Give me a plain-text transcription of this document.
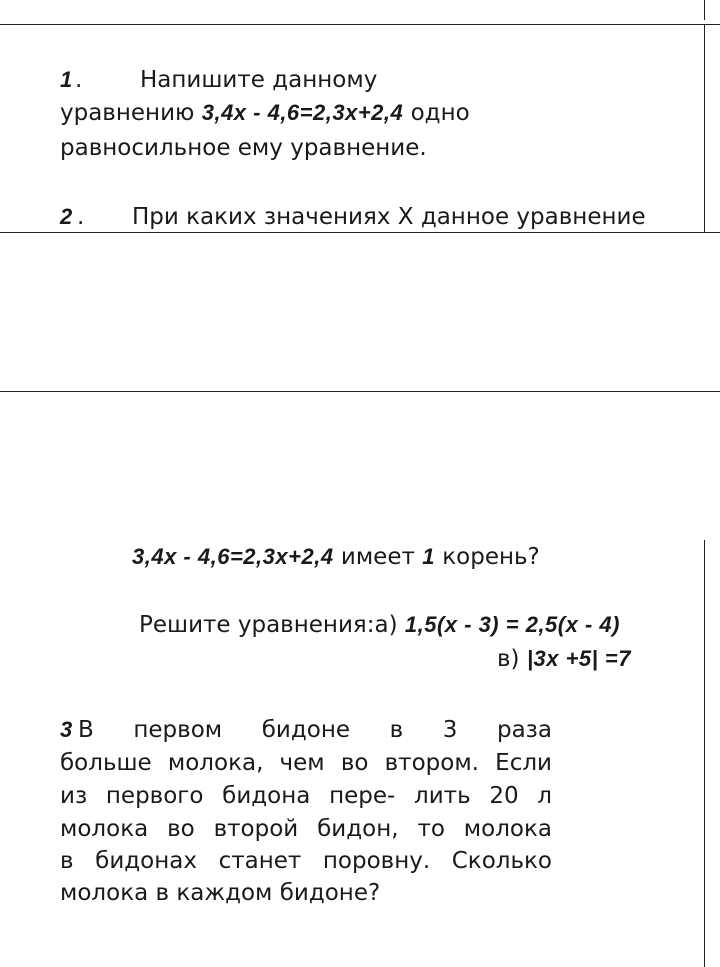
1 .	Напишите данному
уравнению 3,4x - 4,6=2,3x+2,4 одно
равносильное ему уравнение.
2 . При каких значениях X данное уравнение
3,4x - 4,6=2,3x+2,4 имеет 1 корень?
Решите уравнения:а) 1,5(x - 3) = 2,5(x - 4)
в) |3x +5| =7
3 В первом бидоне в 3 раза
больше молока, чем во втором. Если
из первого бидона пере- лить 20 л
молока во второй бидон, то молока
в бидонах станет поровну. Сколько
молока в каждом бидоне?
